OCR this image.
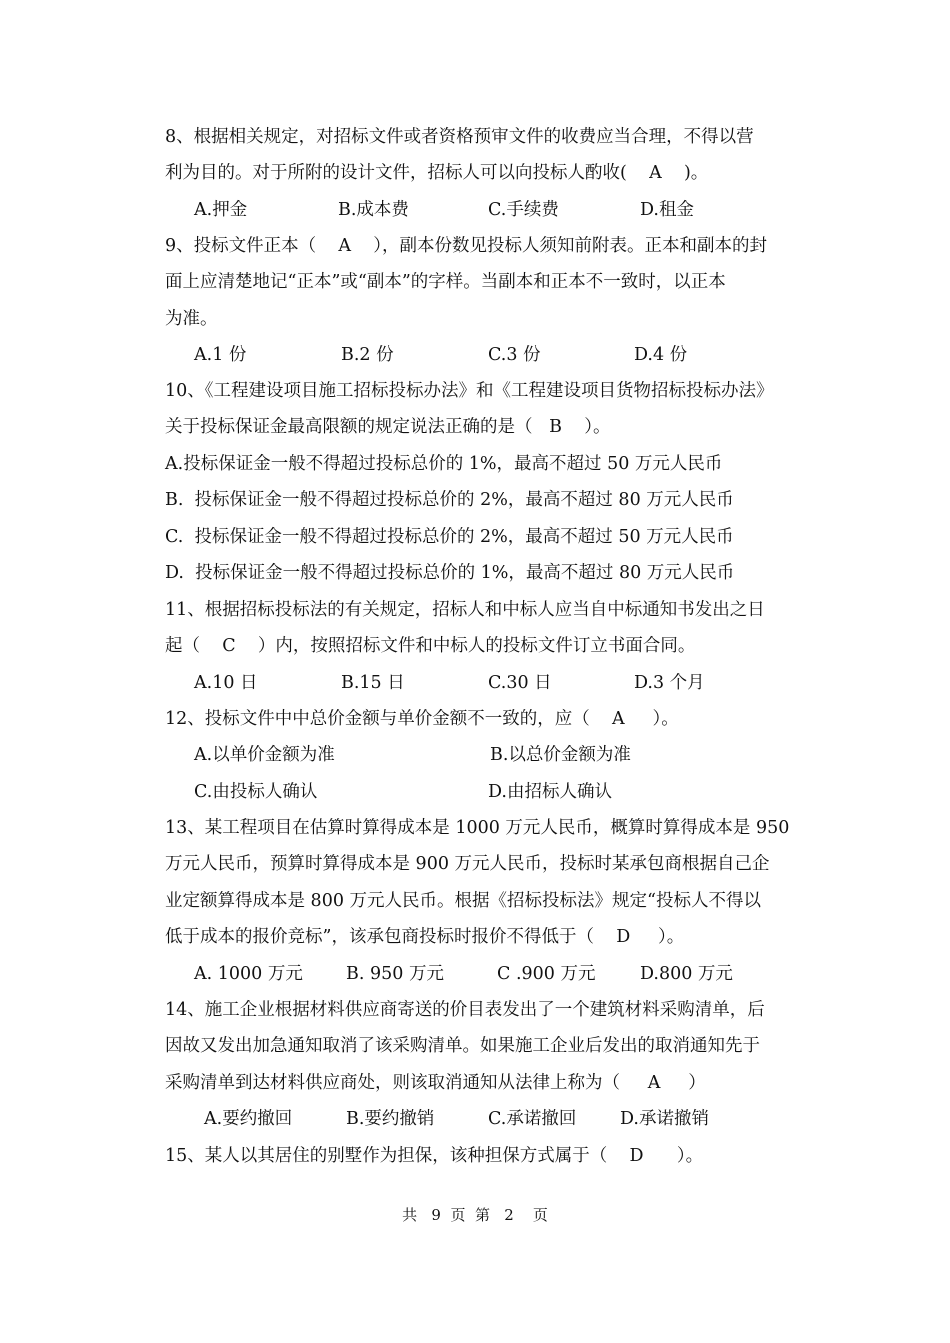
8、根据相关规定，对招标文件或者资格预审文件的收费应当合理，不得以营
利为目的。对于所附的设计文件，招标人可以向投标人酌收(    A    )。
A.押金	B.成本费	C.手续费	D.租金
9、投标文件正本（    A    ），副本份数见投标人须知前附表。正本和副本的封
面上应清楚地记“正本”或“副本”的字样。当副本和正本不一致时，以正本
为准。
A.1 份	B.2 份	C.3 份	D.4 份
10、《工程建设项目施工招标投标办法》和《工程建设项目货物招标投标办法》
关于投标保证金最高限额的规定说法正确的是（   B    ）。
A.投标保证金一般不得超过投标总价的 1%，最高不超过 50 万元人民币
B.  投标保证金一般不得超过投标总价的 2%，最高不超过 80 万元人民币
C.  投标保证金一般不得超过投标总价的 2%，最高不超过 50 万元人民币
D.  投标保证金一般不得超过投标总价的 1%，最高不超过 80 万元人民币
11、根据招标投标法的有关规定，招标人和中标人应当自中标通知书发出之日
起（    C    ）内，按照招标文件和中标人的投标文件订立书面合同。
A.10 日	B.15 日	C.30 日	D.3 个月
12、投标文件中中总价金额与单价金额不一致的，应（    A     ）。
A.以单价金额为准	B.以总价金额为准
C.由投标人确认	D.由招标人确认
13、某工程项目在估算时算得成本是 1000 万元人民币，概算时算得成本是 950
万元人民币，预算时算得成本是 900 万元人民币，投标时某承包商根据自己企
业定额算得成本是 800 万元人民币。根据《招标投标法》规定“投标人不得以
低于成本的报价竞标”，该承包商投标时报价不得低于（    D     ）。
A. 1000 万元 B. 950 万元	C .900 万元	D.800 万元
14、施工企业根据材料供应商寄送的价目表发出了一个建筑材料采购清单，后
因故又发出加急通知取消了该采购清单。如果施工企业后发出的取消通知先于
采购清单到达材料供应商处，则该取消通知从法律上称为（     A     ）
A.要约撤回	B.要约撤销	C.承诺撤回 D.承诺撤销
15、某人以其居住的别墅作为担保，该种担保方式属于（    D      ）。
共   9  页  第   2    页
